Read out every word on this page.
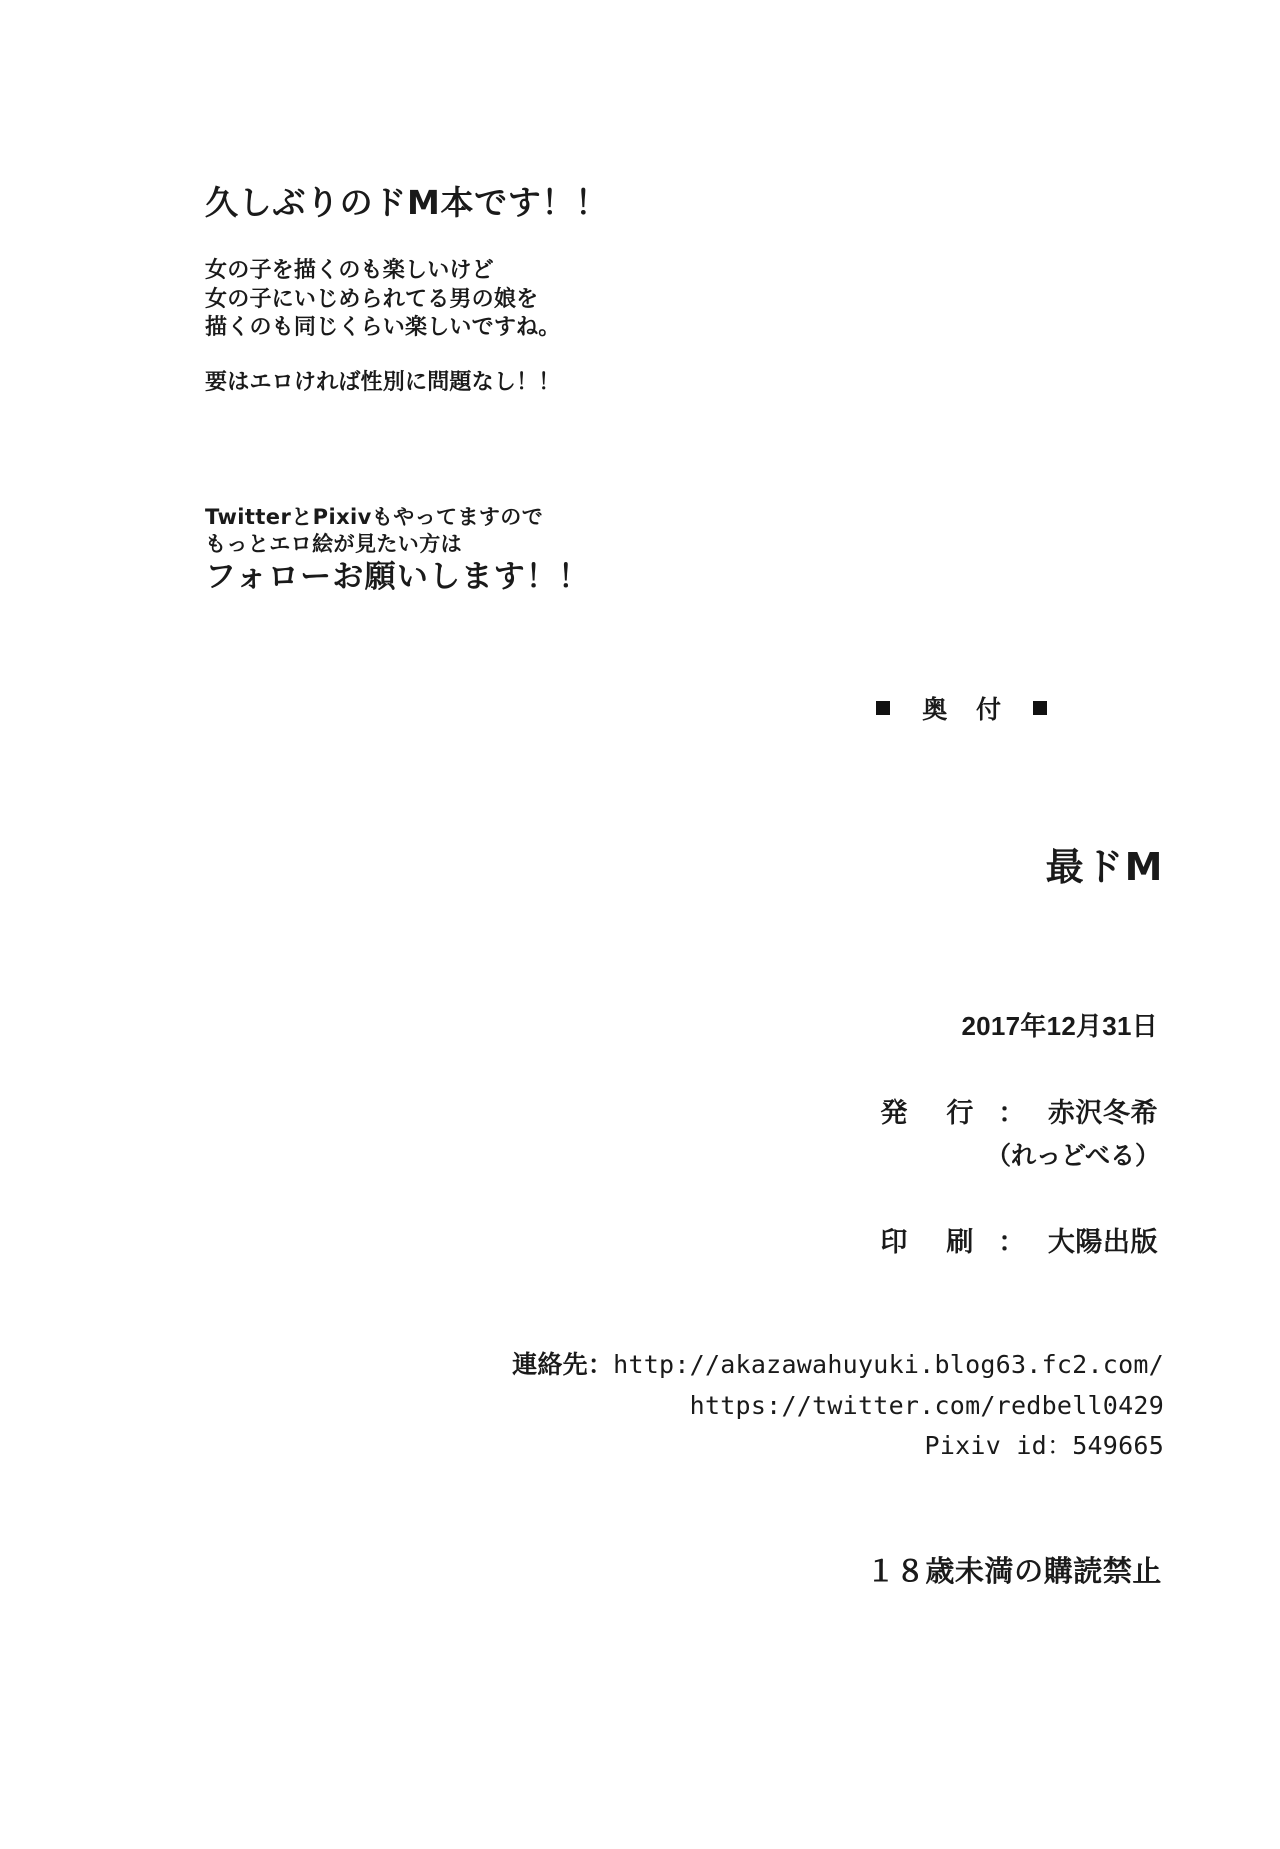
久しぶりのドM本です！！

女の子を描くのも楽しいけど

女の子にいじめられてる男の娘を

描くのも同じくらい楽しいですね。

要はエロければ性別に問題なし！！

TwitterとPixivもやってますので

もっとエロ絵が見たい方は

フォローお願いします！！

奥 付
最ドM
2017年12月31日
発 行 ： 赤沢冬希
（れっどべる）
印 刷 ： 大陽出版
連絡先：http://akazawahuyuki.blog63.fc2.com/
https://twitter.com/redbell0429
Pixiv id：549665
１８歳未満の購読禁止
